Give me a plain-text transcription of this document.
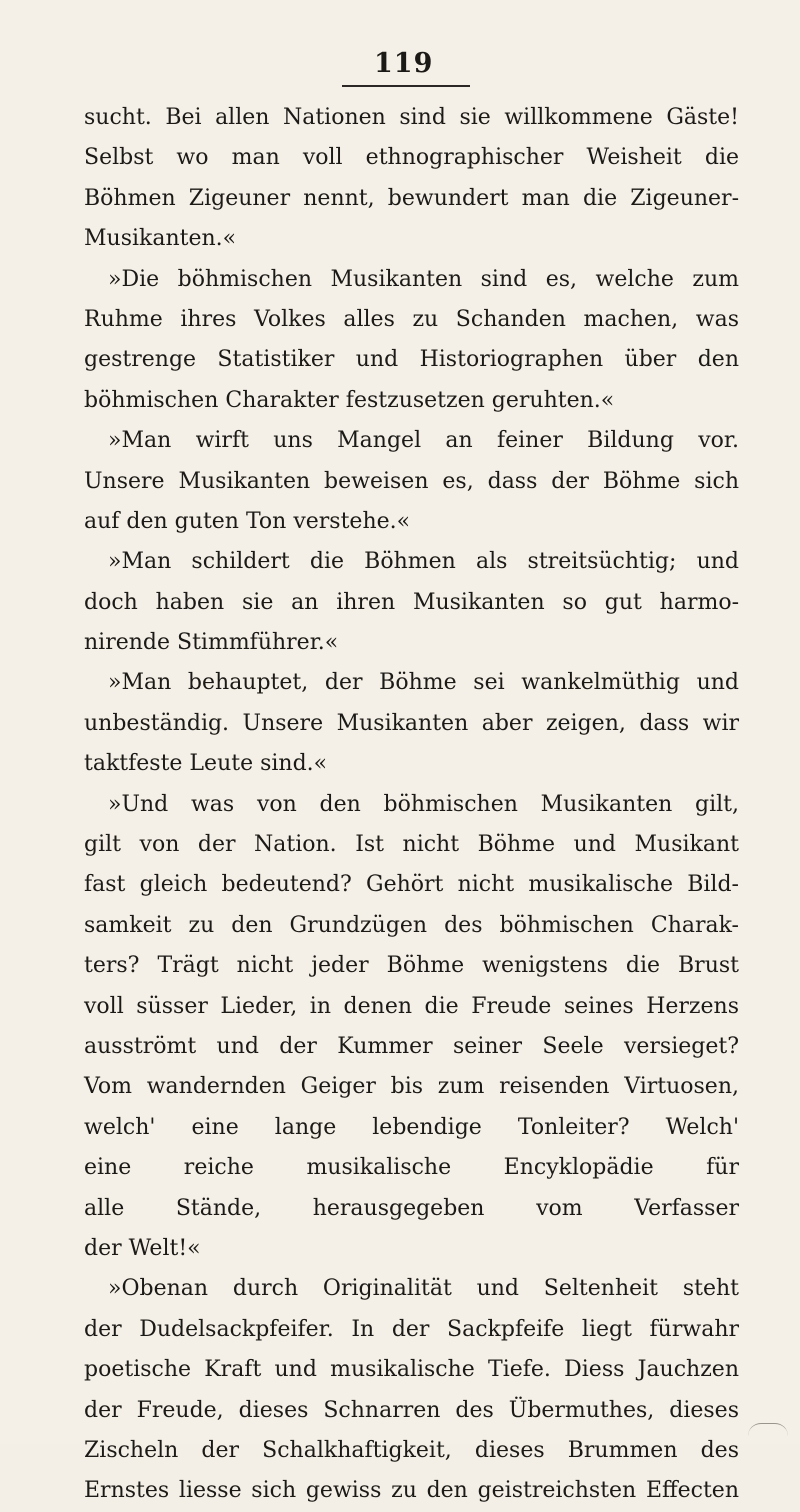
119
sucht. Bei allen Nationen sind sie willkommene Gäste!
Selbst wo man voll ethnographischer Weisheit die
Böhmen Zigeuner nennt, bewundert man die Zigeuner-
Musikanten.«
»Die böhmischen Musikanten sind es, welche zum
Ruhme ihres Volkes alles zu Schanden machen, was
gestrenge Statistiker und Historiographen über den
böhmischen Charakter festzusetzen geruhten.«
»Man wirft uns Mangel an feiner Bildung vor.
Unsere Musikanten beweisen es, dass der Böhme sich
auf den guten Ton verstehe.«
»Man schildert die Böhmen als streitsüchtig; und
doch haben sie an ihren Musikanten so gut harmo-
nirende Stimmführer.«
»Man behauptet, der Böhme sei wankelmüthig und
unbeständig. Unsere Musikanten aber zeigen, dass wir
taktfeste Leute sind.«
»Und was von den böhmischen Musikanten gilt,
gilt von der Nation. Ist nicht Böhme und Musikant
fast gleich bedeutend? Gehört nicht musikalische Bild-
samkeit zu den Grundzügen des böhmischen Charak-
ters? Trägt nicht jeder Böhme wenigstens die Brust
voll süsser Lieder, in denen die Freude seines Herzens
ausströmt und der Kummer seiner Seele versieget?
Vom wandernden Geiger bis zum reisenden Virtuosen,
welch' eine lange lebendige Tonleiter? Welch'
eine reiche musikalische Encyklopädie für
alle Stände, herausgegeben vom Verfasser
der Welt!«
»Obenan durch Originalität und Seltenheit steht
der Dudelsackpfeifer. In der Sackpfeife liegt fürwahr
poetische Kraft und musikalische Tiefe. Diess Jauchzen
der Freude, dieses Schnarren des Übermuthes, dieses
Zischeln der Schalkhaftigkeit, dieses Brummen des
Ernstes liesse sich gewiss zu den geistreichsten Effecten
